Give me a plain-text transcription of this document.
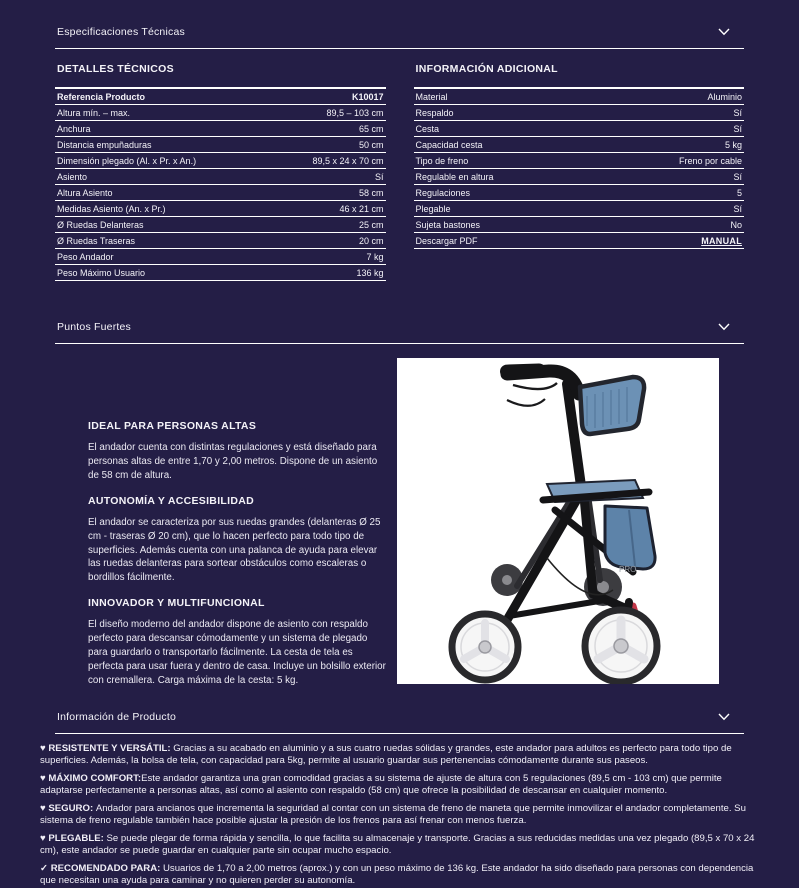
Especificaciones Técnicas
DETALLES TÉCNICOS
Referencia Producto	K10017
Altura mín. – max.	89,5 – 103 cm
Anchura	65 cm
Distancia empuñaduras	50 cm
Dimensión plegado (Al. x Pr. x An.)	89,5 x 24 x 70 cm
Asiento	Sí
Altura Asiento	58 cm
Medidas Asiento (An. x Pr.)	46 x 21 cm
Ø Ruedas Delanteras	25 cm
Ø Ruedas Traseras	20 cm
Peso Andador	7 kg
Peso Máximo Usuario	136 kg
INFORMACIÓN ADICIONAL
Material	Aluminio
Respaldo	Sí
Cesta	Sí
Capacidad cesta	5 kg
Tipo de freno	Freno por cable
Regulable en altura	Sí
Regulaciones	5
Plegable	Sí
Sujeta bastones	No
Descargar PDF	MANUAL
Puntos Fuertes
IDEAL PARA PERSONAS ALTAS

El andador cuenta con distintas regulaciones y está diseñado para personas altas de entre 1,70 y 2,00 metros. Dispone de un asiento de 58 cm de altura.

AUTONOMÍA Y ACCESIBILIDAD

El andador se caracteriza por sus ruedas grandes (delanteras Ø 25 cm - traseras Ø 20 cm), que lo hacen perfecto para todo tipo de superficies. Además cuenta con una palanca de ayuda para elevar las ruedas delanteras para sortear obstáculos como escaleras o bordillos fácilmente.

INNOVADOR Y MULTIFUNCIONAL

El diseño moderno del andador dispone de asiento con respaldo perfecto para descansar cómodamente y un sistema de plegado para guardarlo o transportarlo fácilmente. La cesta de tela es perfecta para usar fuera y dentro de casa. Incluye un bolsillo exterior con cremallera. Carga máxima de la cesta: 5 kg.

PRO
Información de Producto

♥ RESISTENTE Y VERSÁTIL: Gracias a su acabado en aluminio y a sus cuatro ruedas sólidas y grandes, este andador para adultos es perfecto para todo tipo de superficies. Además, la bolsa de tela, con capacidad para 5kg, permite al usuario guardar sus pertenencias cómodamente durante sus paseos.

♥ MÁXIMO COMFORT:Este andador garantiza una gran comodidad gracias a su sistema de ajuste de altura con 5 regulaciones (89,5 cm - 103 cm) que permite adaptarse perfectamente a personas altas, así como al asiento con respaldo (58 cm) que ofrece la posibilidad de descansar en cualquier momento.

♥ SEGURO: Andador para ancianos que incrementa la seguridad al contar con un sistema de freno de maneta que permite inmovilizar el andador completamente. Su sistema de freno regulable también hace posible ajustar la presión de los frenos para así frenar con menos fuerza.

♥ PLEGABLE: Se puede plegar de forma rápida y sencilla, lo que facilita su almacenaje y transporte. Gracias a sus reducidas medidas una vez plegado (89,5 x 70 x 24 cm), este andador se puede guardar en cualquier parte sin ocupar mucho espacio.

✓ RECOMENDADO PARA: Usuarios de 1,70 a 2,00 metros (aprox.) y con un peso máximo de 136 kg. Este andador ha sido diseñado para personas con dependencia que necesitan una ayuda para caminar y no quieren perder su autonomía.
